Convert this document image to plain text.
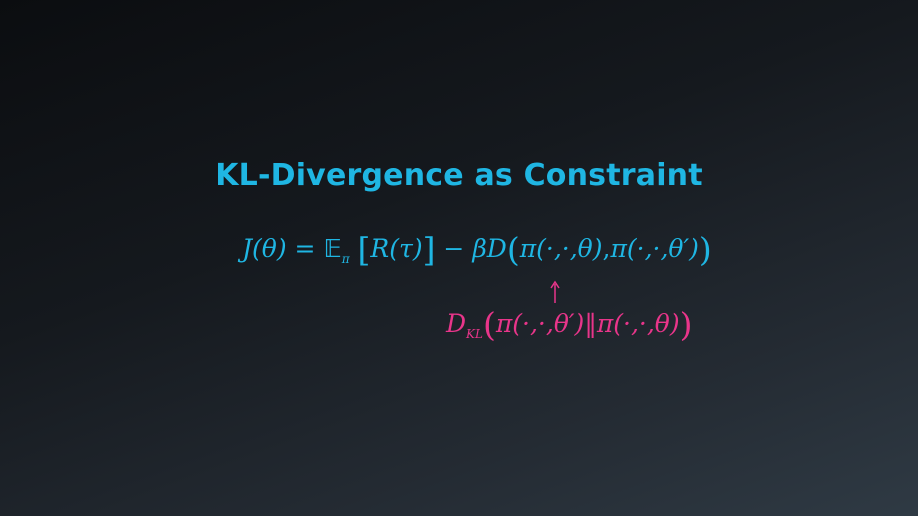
KL-Divergence as Constraint
J(θ) = 𝔼$_\pi$ [R(τ)] − βD(π(·,·,θ),π(·,·,θ′))
$D_{KL}(\pi(\cdot,\cdot,\theta')‖\pi(\cdot,\cdot,\theta))$
